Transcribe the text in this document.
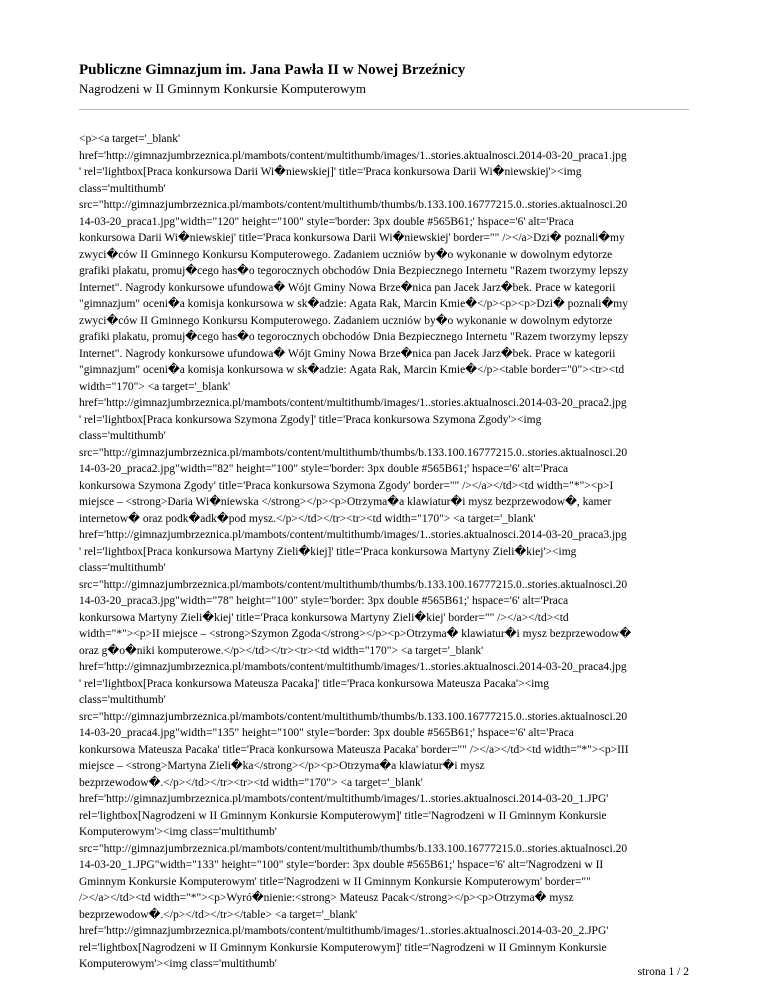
Publiczne Gimnazjum im. Jana Pawła II w Nowej Brzeźnicy
Nagrodzeni w II Gminnym Konkursie Komputerowym
<p><a target='_blank'
href='http://gimnazjumbrzeznica.pl/mambots/content/multithumb/images/1..stories.aktualnosci.2014-03-20_praca1.jpg
' rel='lightbox[Praca konkursowa Darii Wi�niewskiej]' title='Praca konkursowa Darii Wi�niewskiej'><img
class='multithumb'
src="http://gimnazjumbrzeznica.pl/mambots/content/multithumb/thumbs/b.133.100.16777215.0..stories.aktualnosci.20
14-03-20_praca1.jpg"width="120" height="100" style='border: 3px double #565B61;' hspace='6' alt='Praca
konkursowa Darii Wi�niewskiej' title='Praca konkursowa Darii Wi�niewskiej' border="" /></a>Dzi� poznali�my
zwyci�ców II Gminnego Konkursu Komputerowego. Zadaniem uczniów by�o wykonanie w dowolnym edytorze
grafiki plakatu, promuj�cego has�o tegorocznych obchodów Dnia Bezpiecznego Internetu "Razem tworzymy lepszy
Internet". Nagrody konkursowe ufundowa� Wójt Gminy Nowa Brze�nica pan Jacek Jarz�bek. Prace w kategorii
"gimnazjum" oceni�a komisja konkursowa w sk�adzie: Agata Rak, Marcin Kmie�</p><p><p>Dzi� poznali�my
zwyci�ców II Gminnego Konkursu Komputerowego. Zadaniem uczniów by�o wykonanie w dowolnym edytorze
grafiki plakatu, promuj�cego has�o tegorocznych obchodów Dnia Bezpiecznego Internetu "Razem tworzymy lepszy
Internet". Nagrody konkursowe ufundowa� Wójt Gminy Nowa Brze�nica pan Jacek Jarz�bek. Prace w kategorii
"gimnazjum" oceni�a komisja konkursowa w sk�adzie: Agata Rak, Marcin Kmie�</p><table border="0"><tr><td
width="170"> <a target='_blank'
href='http://gimnazjumbrzeznica.pl/mambots/content/multithumb/images/1..stories.aktualnosci.2014-03-20_praca2.jpg
' rel='lightbox[Praca konkursowa Szymona Zgody]' title='Praca konkursowa Szymona Zgody'><img
class='multithumb'
src="http://gimnazjumbrzeznica.pl/mambots/content/multithumb/thumbs/b.133.100.16777215.0..stories.aktualnosci.20
14-03-20_praca2.jpg"width="82" height="100" style='border: 3px double #565B61;' hspace='6' alt='Praca
konkursowa Szymona Zgody' title='Praca konkursowa Szymona Zgody' border="" /></a></td><td width="*"><p>I
miejsce – <strong>Daria Wi�niewska </strong></p><p>Otrzyma�a klawiatur�i mysz bezprzewodow�, kamer
internetow� oraz podk�adk�pod mysz.</p></td></tr><tr><td width="170"> <a target='_blank'
href='http://gimnazjumbrzeznica.pl/mambots/content/multithumb/images/1..stories.aktualnosci.2014-03-20_praca3.jpg
' rel='lightbox[Praca konkursowa Martyny Zieli�kiej]' title='Praca konkursowa Martyny Zieli�kiej'><img
class='multithumb'
src="http://gimnazjumbrzeznica.pl/mambots/content/multithumb/thumbs/b.133.100.16777215.0..stories.aktualnosci.20
14-03-20_praca3.jpg"width="78" height="100" style='border: 3px double #565B61;' hspace='6' alt='Praca
konkursowa Martyny Zieli�kiej' title='Praca konkursowa Martyny Zieli�kiej' border="" /></a></td><td
width="*"><p>II miejsce – <strong>Szymon Zgoda</strong></p><p>Otrzyma� klawiatur�i mysz bezprzewodow�
oraz g�o�niki komputerowe.</p></td></tr><tr><td width="170"> <a target='_blank'
href='http://gimnazjumbrzeznica.pl/mambots/content/multithumb/images/1..stories.aktualnosci.2014-03-20_praca4.jpg
' rel='lightbox[Praca konkursowa Mateusza Pacaka]' title='Praca konkursowa Mateusza Pacaka'><img
class='multithumb'
src="http://gimnazjumbrzeznica.pl/mambots/content/multithumb/thumbs/b.133.100.16777215.0..stories.aktualnosci.20
14-03-20_praca4.jpg"width="135" height="100" style='border: 3px double #565B61;' hspace='6' alt='Praca
konkursowa Mateusza Pacaka' title='Praca konkursowa Mateusza Pacaka' border="" /></a></td><td width="*"><p>III
miejsce – <strong>Martyna Zieli�ka</strong></p><p>Otrzyma�a klawiatur�i mysz
bezprzewodow�.</p></td></tr><tr><td width="170"> <a target='_blank'
href='http://gimnazjumbrzeznica.pl/mambots/content/multithumb/images/1..stories.aktualnosci.2014-03-20_1.JPG'
rel='lightbox[Nagrodzeni w II Gminnym Konkursie Komputerowym]' title='Nagrodzeni w II Gminnym Konkursie
Komputerowym'><img class='multithumb'
src="http://gimnazjumbrzeznica.pl/mambots/content/multithumb/thumbs/b.133.100.16777215.0..stories.aktualnosci.20
14-03-20_1.JPG"width="133" height="100" style='border: 3px double #565B61;' hspace='6' alt='Nagrodzeni w II
Gminnym Konkursie Komputerowym' title='Nagrodzeni w II Gminnym Konkursie Komputerowym' border=""
/></a></td><td width="*"><p>Wyró�nienie:<strong> Mateusz Pacak</strong></p><p>Otrzyma� mysz
bezprzewodow�.</p></td></tr></table> <a target='_blank'
href='http://gimnazjumbrzeznica.pl/mambots/content/multithumb/images/1..stories.aktualnosci.2014-03-20_2.JPG'
rel='lightbox[Nagrodzeni w II Gminnym Konkursie Komputerowym]' title='Nagrodzeni w II Gminnym Konkursie
Komputerowym'><img class='multithumb'
strona 1 / 2
